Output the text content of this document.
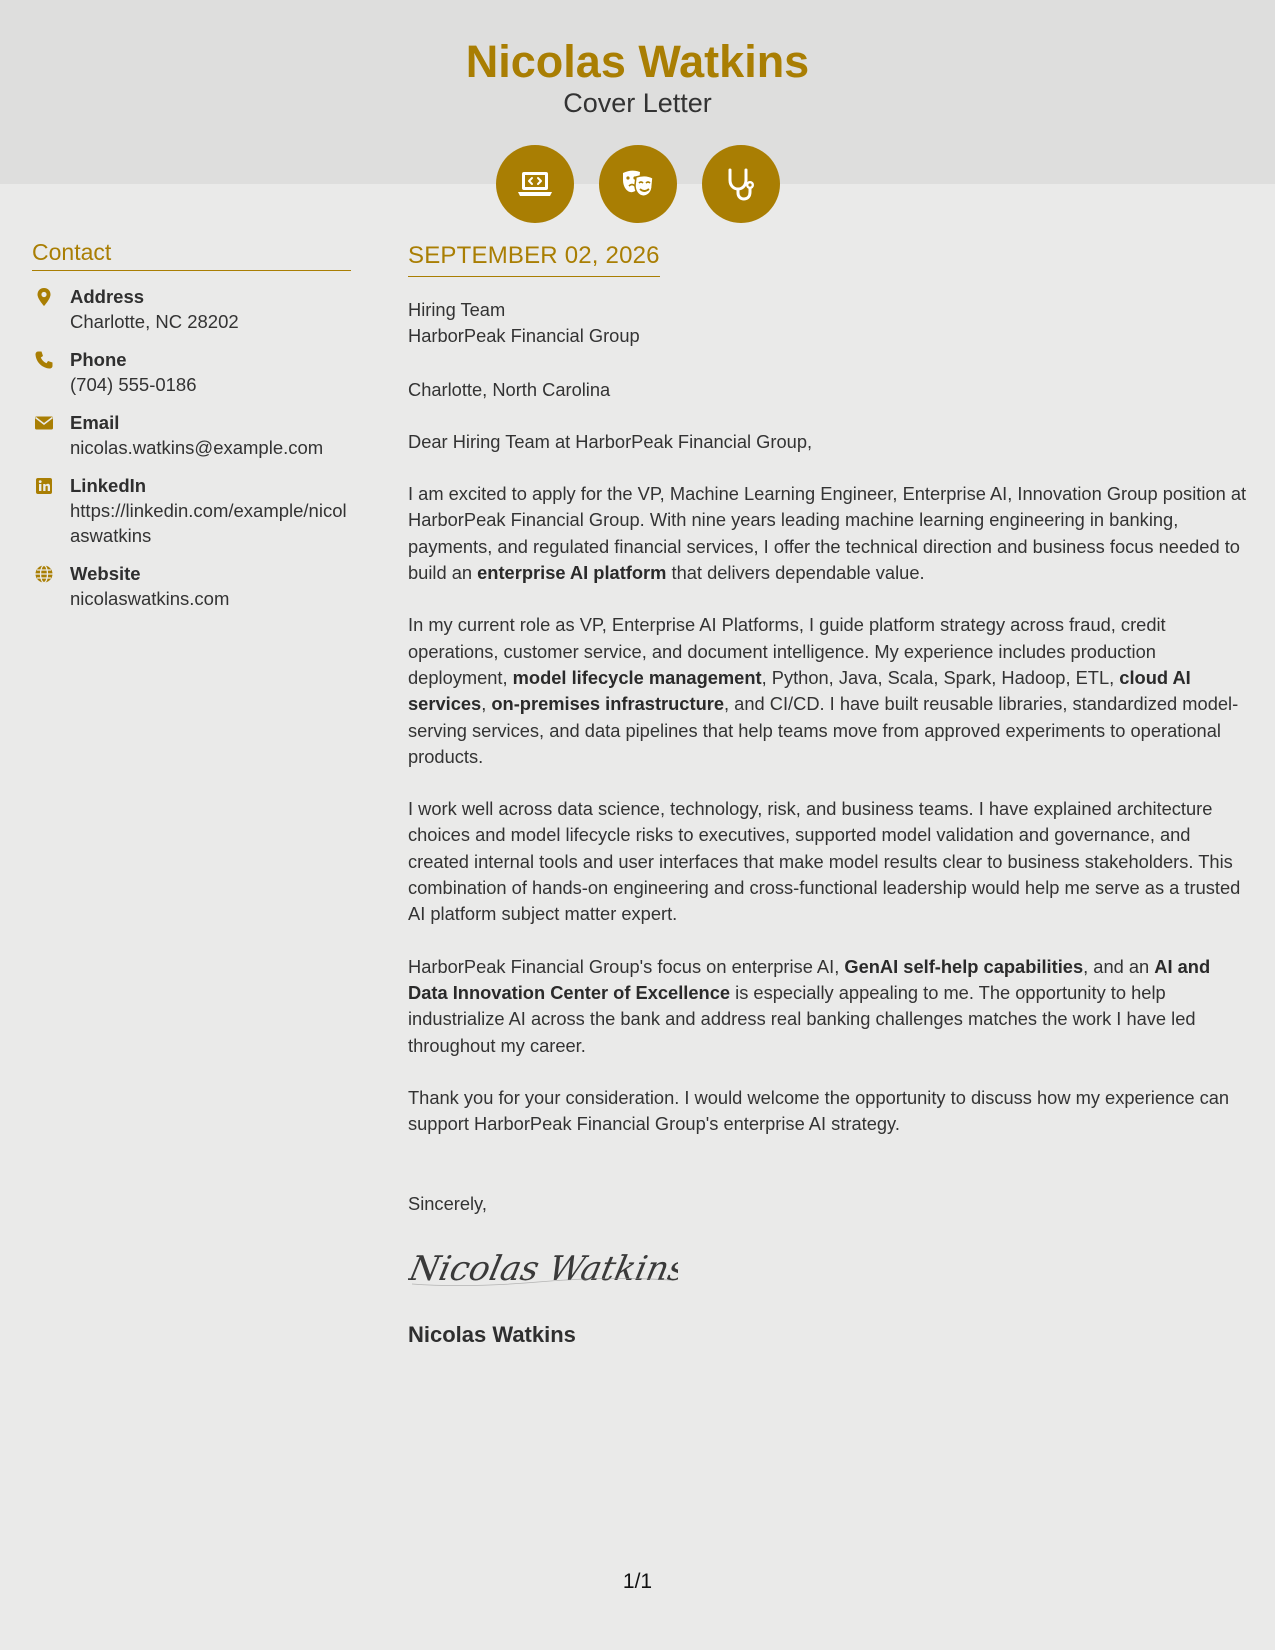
Nicolas Watkins
Cover Letter
Contact
Address
Charlotte, NC 28202
Phone
(704) 555-0186
Email
nicolas.watkins@example.com
LinkedIn
https://linkedin.com/example/nicolaswatkins
Website
nicolaswatkins.com
SEPTEMBER 02, 2026

Hiring Team

HarborPeak Financial Group

Charlotte, North Carolina

Dear Hiring Team at HarborPeak Financial Group,

I am excited to apply for the VP, Machine Learning Engineer, Enterprise AI, Innovation Group position at HarborPeak Financial Group. With nine years leading machine learning engineering in banking, payments, and regulated financial services, I offer the technical direction and business focus needed to build an enterprise AI platform that delivers dependable value.

In my current role as VP, Enterprise AI Platforms, I guide platform strategy across fraud, credit operations, customer service, and document intelligence. My experience includes production deployment, model lifecycle management, Python, Java, Scala, Spark, Hadoop, ETL, cloud AI services, on-premises infrastructure, and CI/CD. I have built reusable libraries, standardized model-serving services, and data pipelines that help teams move from approved experiments to operational products.

I work well across data science, technology, risk, and business teams. I have explained architecture choices and model lifecycle risks to executives, supported model validation and governance, and created internal tools and user interfaces that make model results clear to business stakeholders. This combination of hands-on engineering and cross-functional leadership would help me serve as a trusted AI platform subject matter expert.

HarborPeak Financial Group's focus on enterprise AI, GenAI self-help capabilities, and an AI and Data Innovation Center of Excellence is especially appealing to me. The opportunity to help industrialize AI across the bank and address real banking challenges matches the work I have led throughout my career.

Thank you for your consideration. I would welcome the opportunity to discuss how my experience can support HarborPeak Financial Group's enterprise AI strategy.

Sincerely,

Nicolas Watkins
Nicolas Watkins
1/1
